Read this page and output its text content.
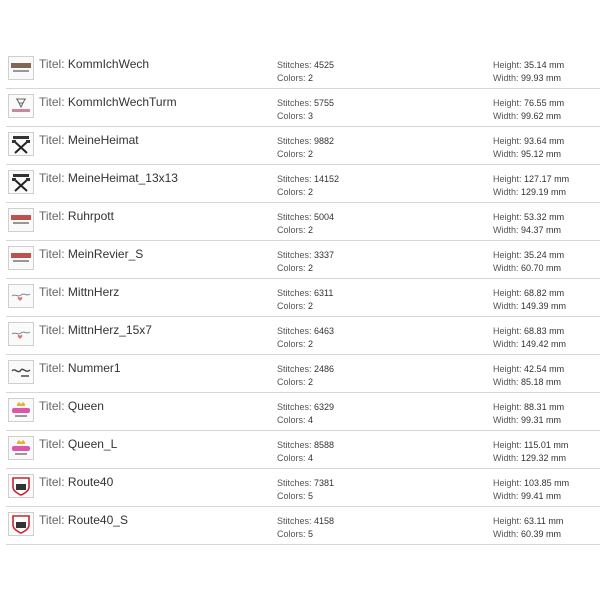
Titel: KommIchWech	Stitches: 4525
Colors: 2
Height: 35.14 mm
Width: 99.93 mm
Titel: KommIchWechTurm	Stitches: 5755
Colors: 3
Height: 76.55 mm
Width: 99.62 mm
Titel: MeineHeimat	Stitches: 9882
Colors: 2
Height: 93.64 mm
Width: 95.12 mm
Titel: MeineHeimat_13x13	Stitches: 14152
Colors: 2
Height: 127.17 mm
Width: 129.19 mm
Titel: Ruhrpott	Stitches: 5004
Colors: 2
Height: 53.32 mm
Width: 94.37 mm
Titel: MeinRevier_S	Stitches: 3337
Colors: 2
Height: 35.24 mm
Width: 60.70 mm
Titel: MittnHerz	Stitches: 6311
Colors: 2
Height: 68.82 mm
Width: 149.39 mm
Titel: MittnHerz_15x7	Stitches: 6463
Colors: 2
Height: 68.83 mm
Width: 149.42 mm
Titel: Nummer1	Stitches: 2486
Colors: 2
Height: 42.54 mm
Width: 85.18 mm
Titel: Queen	Stitches: 6329
Colors: 4
Height: 88.31 mm
Width: 99.31 mm
Titel: Queen_L	Stitches: 8588
Colors: 4
Height: 115.01 mm
Width: 129.32 mm
Titel: Route40	Stitches: 7381
Colors: 5
Height: 103.85 mm
Width: 99.41 mm
Titel: Route40_S	Stitches: 4158
Colors: 5
Height: 63.11 mm
Width: 60.39 mm
